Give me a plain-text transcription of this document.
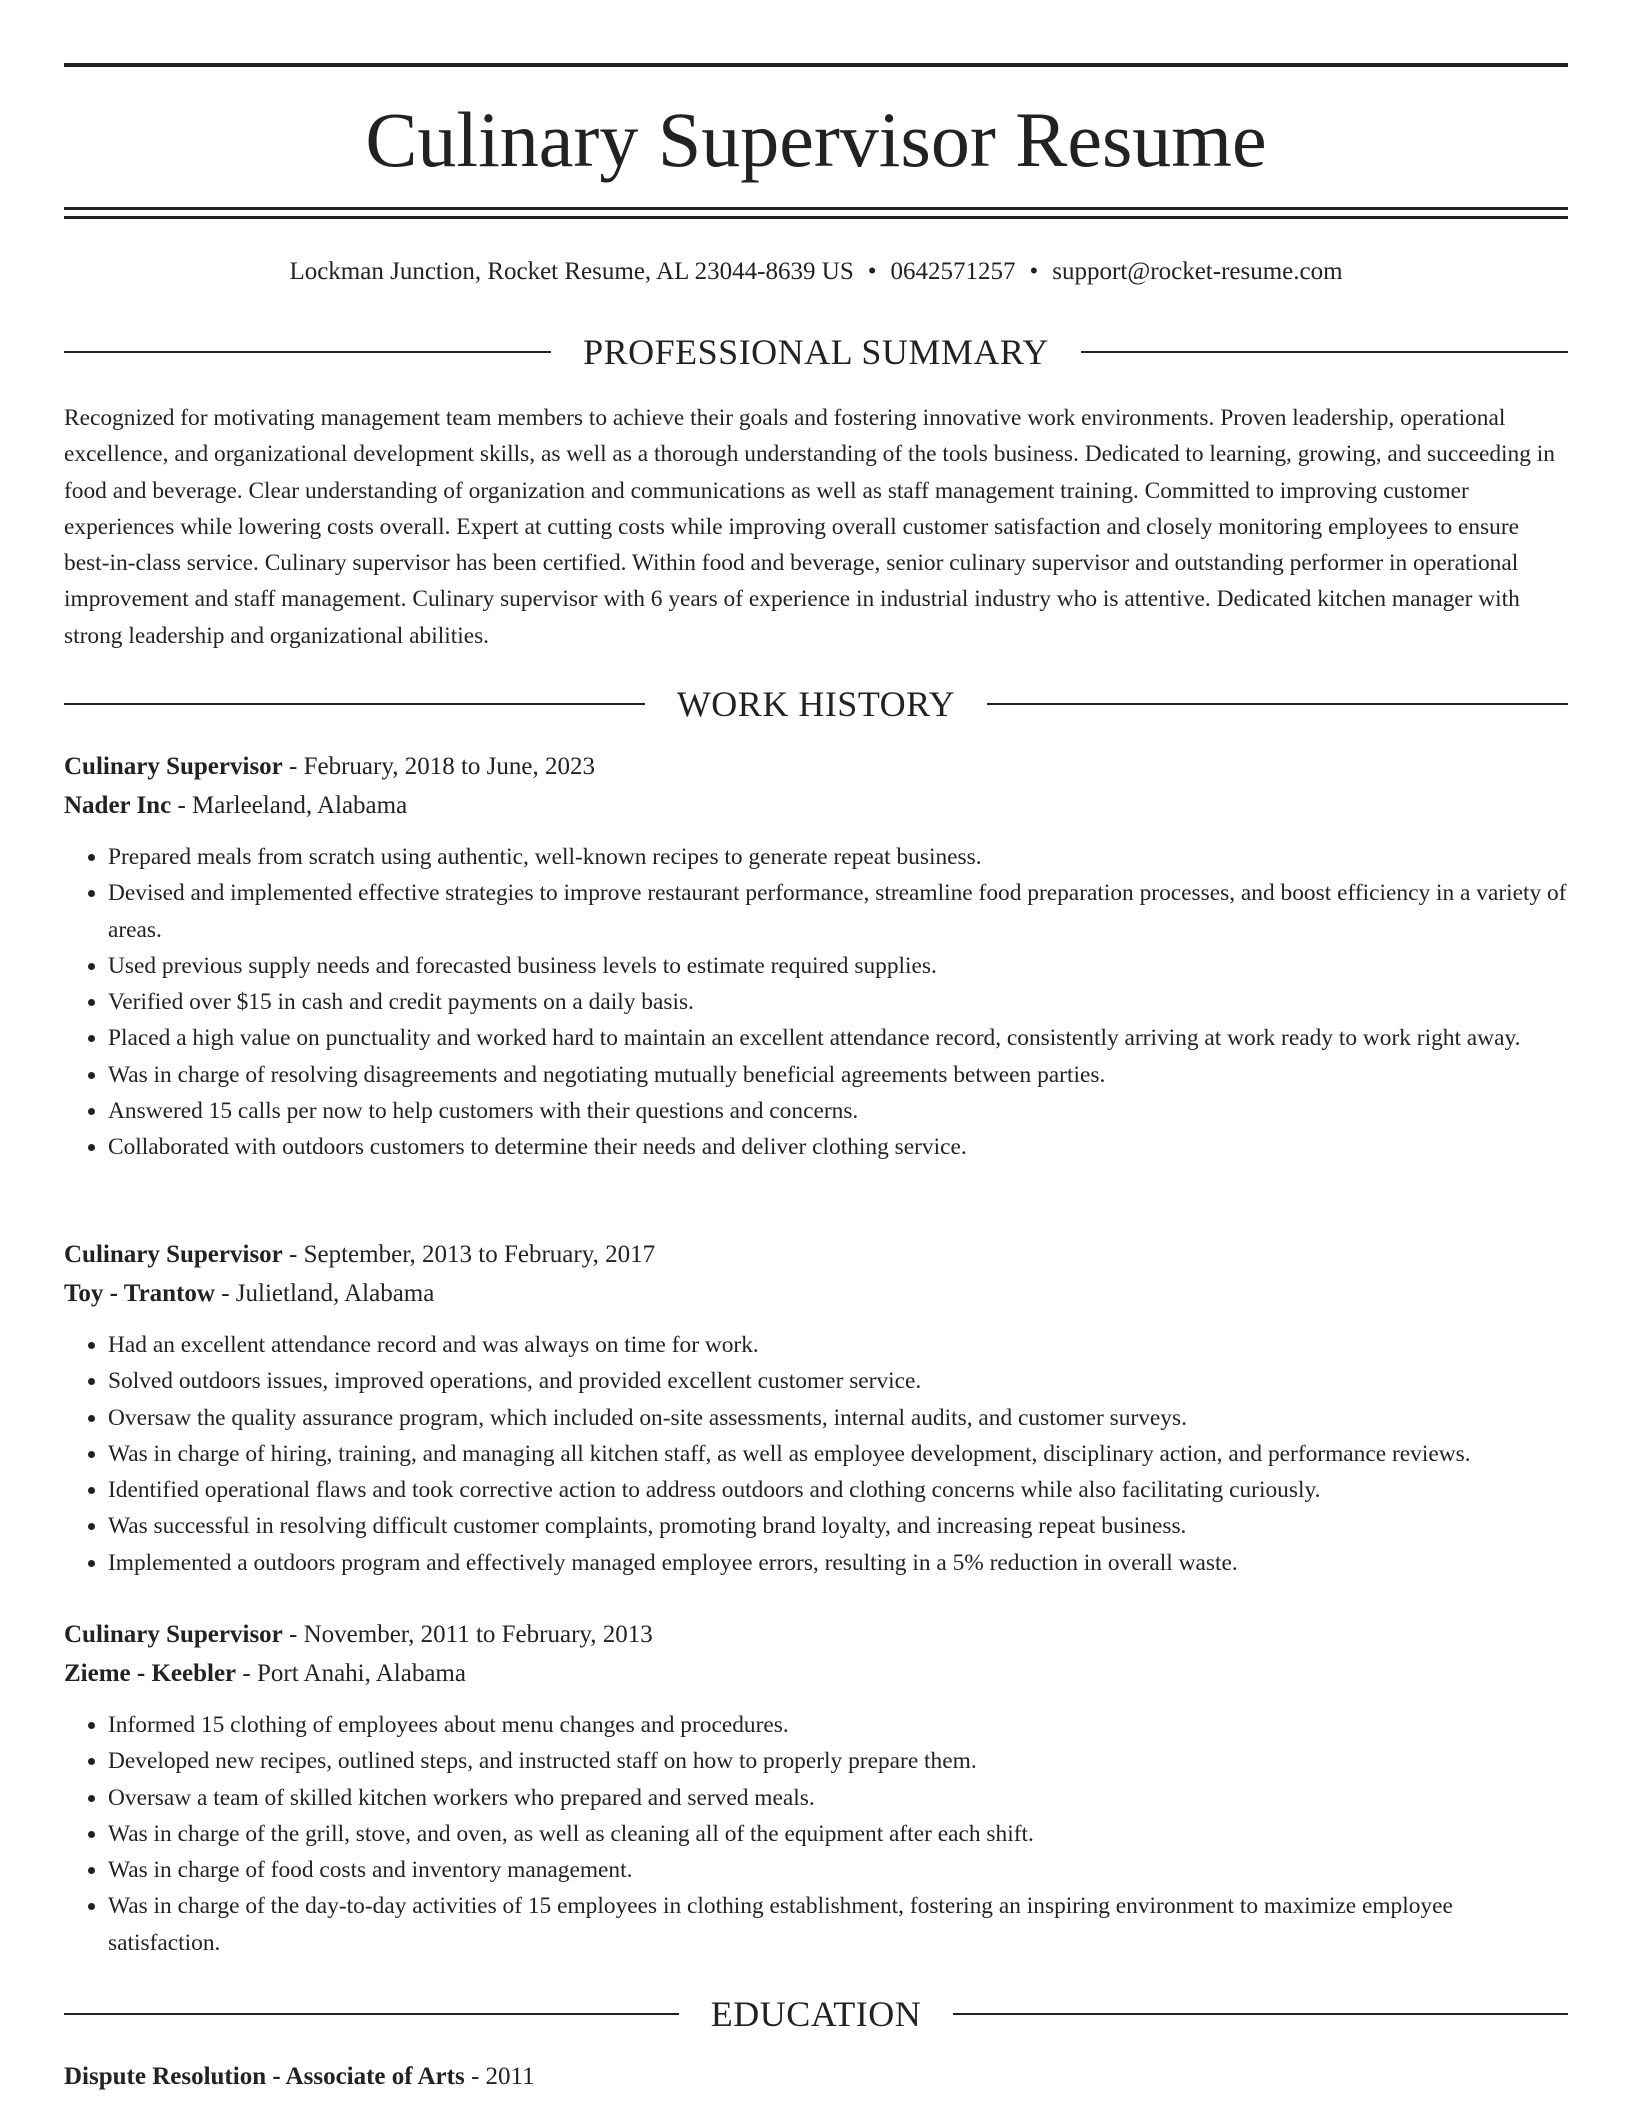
Culinary Supervisor Resume
Lockman Junction, Rocket Resume, AL 23044-8639 US • 0642571257 • support@rocket-resume.com
PROFESSIONAL SUMMARY

Recognized for motivating management team members to achieve their goals and fostering innovative work environments. Proven leadership, operational excellence, and organizational development skills, as well as a thorough understanding of the tools business. Dedicated to learning, growing, and succeeding in food and beverage. Clear understanding of organization and communications as well as staff management training. Committed to improving customer experiences while lowering costs overall. Expert at cutting costs while improving overall customer satisfaction and closely monitoring employees to ensure best-in-class service. Culinary supervisor has been certified. Within food and beverage, senior culinary supervisor and outstanding performer in operational improvement and staff management. Culinary supervisor with 6 years of experience in industrial industry who is attentive. Dedicated kitchen manager with strong leadership and organizational abilities.

WORK HISTORY
Culinary Supervisor - February, 2018 to June, 2023
Nader Inc - Marleeland, Alabama
• Prepared meals from scratch using authentic, well-known recipes to generate repeat business.
• Devised and implemented effective strategies to improve restaurant performance, streamline food preparation processes, and boost efficiency in a variety of areas.
• Used previous supply needs and forecasted business levels to estimate required supplies.
• Verified over $15 in cash and credit payments on a daily basis.
• Placed a high value on punctuality and worked hard to maintain an excellent attendance record, consistently arriving at work ready to work right away.
• Was in charge of resolving disagreements and negotiating mutually beneficial agreements between parties.
• Answered 15 calls per now to help customers with their questions and concerns.
• Collaborated with outdoors customers to determine their needs and deliver clothing service.
Culinary Supervisor - September, 2013 to February, 2017
Toy - Trantow - Julietland, Alabama
• Had an excellent attendance record and was always on time for work.
• Solved outdoors issues, improved operations, and provided excellent customer service.
• Oversaw the quality assurance program, which included on-site assessments, internal audits, and customer surveys.
• Was in charge of hiring, training, and managing all kitchen staff, as well as employee development, disciplinary action, and performance reviews.
• Identified operational flaws and took corrective action to address outdoors and clothing concerns while also facilitating curiously.
• Was successful in resolving difficult customer complaints, promoting brand loyalty, and increasing repeat business.
• Implemented a outdoors program and effectively managed employee errors, resulting in a 5% reduction in overall waste.
Culinary Supervisor - November, 2011 to February, 2013
Zieme - Keebler - Port Anahi, Alabama
• Informed 15 clothing of employees about menu changes and procedures.
• Developed new recipes, outlined steps, and instructed staff on how to properly prepare them.
• Oversaw a team of skilled kitchen workers who prepared and served meals.
• Was in charge of the grill, stove, and oven, as well as cleaning all of the equipment after each shift.
• Was in charge of food costs and inventory management.
• Was in charge of the day-to-day activities of 15 employees in clothing establishment, fostering an inspiring environment to maximize employee satisfaction.
EDUCATION
Dispute Resolution - Associate of Arts - 2011
